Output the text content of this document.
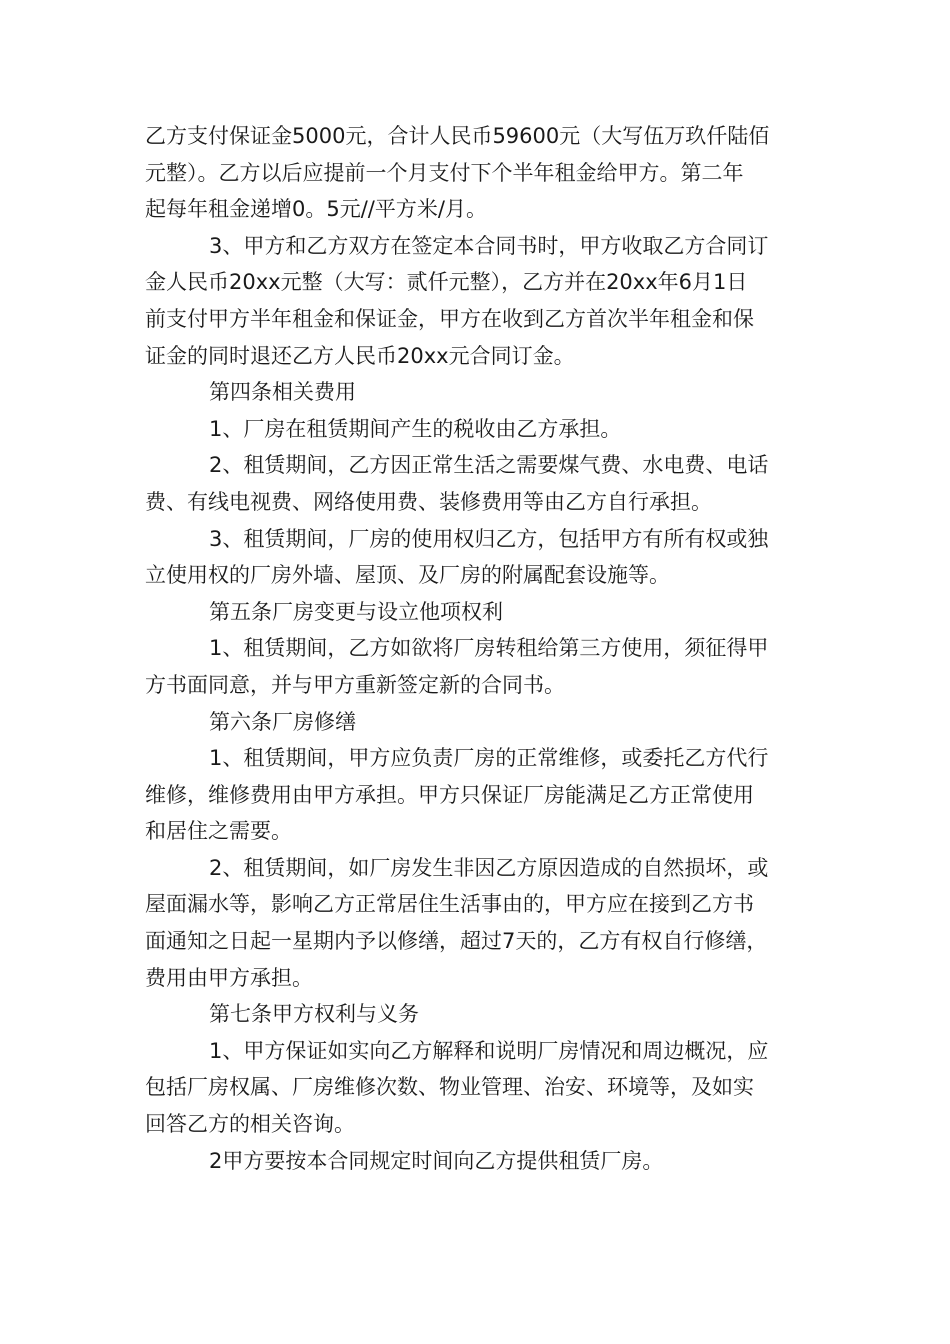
乙方支付保证金5000元，合计人民币59600元（大写伍万玖仟陆佰
元整）。乙方以后应提前一个月支付下个半年租金给甲方。第二年
起每年租金递增0。5元//平方米/月。
3、甲方和乙方双方在签定本合同书时，甲方收取乙方合同订
金人民币20xx元整（大写：贰仟元整），乙方并在20xx年6月1日
前支付甲方半年租金和保证金，甲方在收到乙方首次半年租金和保
证金的同时退还乙方人民币20xx元合同订金。
第四条相关费用
1、厂房在租赁期间产生的税收由乙方承担。
2、租赁期间，乙方因正常生活之需要煤气费、水电费、电话
费、有线电视费、网络使用费、装修费用等由乙方自行承担。
3、租赁期间，厂房的使用权归乙方，包括甲方有所有权或独
立使用权的厂房外墙、屋顶、及厂房的附属配套设施等。
第五条厂房变更与设立他项权利
1、租赁期间，乙方如欲将厂房转租给第三方使用，须征得甲
方书面同意，并与甲方重新签定新的合同书。
第六条厂房修缮
1、租赁期间，甲方应负责厂房的正常维修，或委托乙方代行
维修，维修费用由甲方承担。甲方只保证厂房能满足乙方正常使用
和居住之需要。
2、租赁期间，如厂房发生非因乙方原因造成的自然损坏，或
屋面漏水等，影响乙方正常居住生活事由的，甲方应在接到乙方书
面通知之日起一星期内予以修缮，超过7天的，乙方有权自行修缮，
费用由甲方承担。
第七条甲方权利与义务
1、甲方保证如实向乙方解释和说明厂房情况和周边概况，应
包括厂房权属、厂房维修次数、物业管理、治安、环境等，及如实
回答乙方的相关咨询。
2甲方要按本合同规定时间向乙方提供租赁厂房。
